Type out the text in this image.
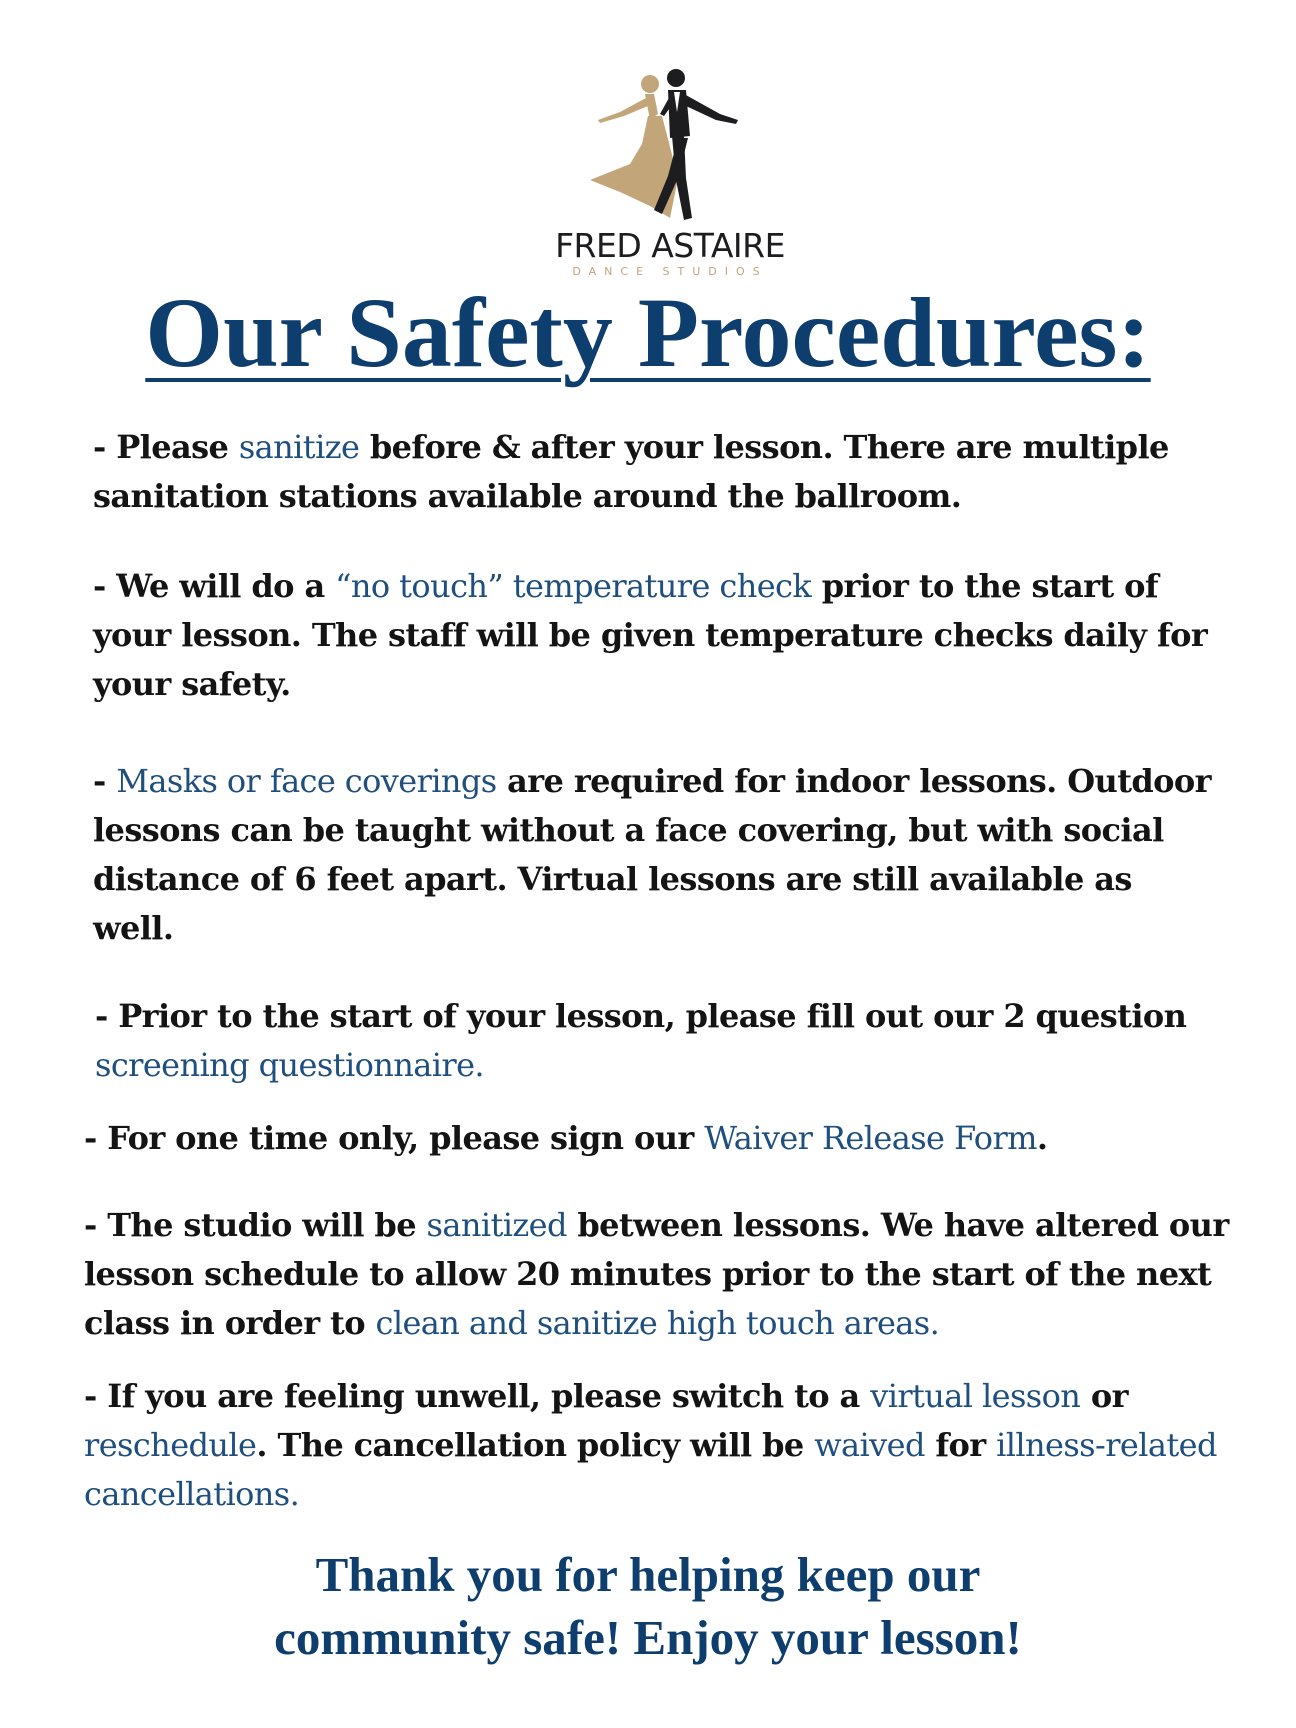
FRED ASTAIRE
DANCE STUDIOS
Our Safety Procedures:

- Please sanitize before & after your lesson. There are multiple sanitation stations available around the ballroom.

- We will do a “no touch” temperature check prior to the start of your lesson. The staff will be given temperature checks daily for your safety.

- Masks or face coverings are required for indoor lessons. Outdoor lessons can be taught without a face covering, but with social distance of 6 feet apart. Virtual lessons are still available as well.

- Prior to the start of your lesson, please fill out our 2 question screening questionnaire.

- For one time only, please sign our Waiver Release Form.

- The studio will be sanitized between lessons. We have altered our lesson schedule to allow 20 minutes prior to the start of the next class in order to clean and sanitize high touch areas.

- If you are feeling unwell, please switch to a virtual lesson or reschedule. The cancellation policy will be waived for illness-related cancellations.

Thank you for helping keep our
community safe! Enjoy your lesson!
